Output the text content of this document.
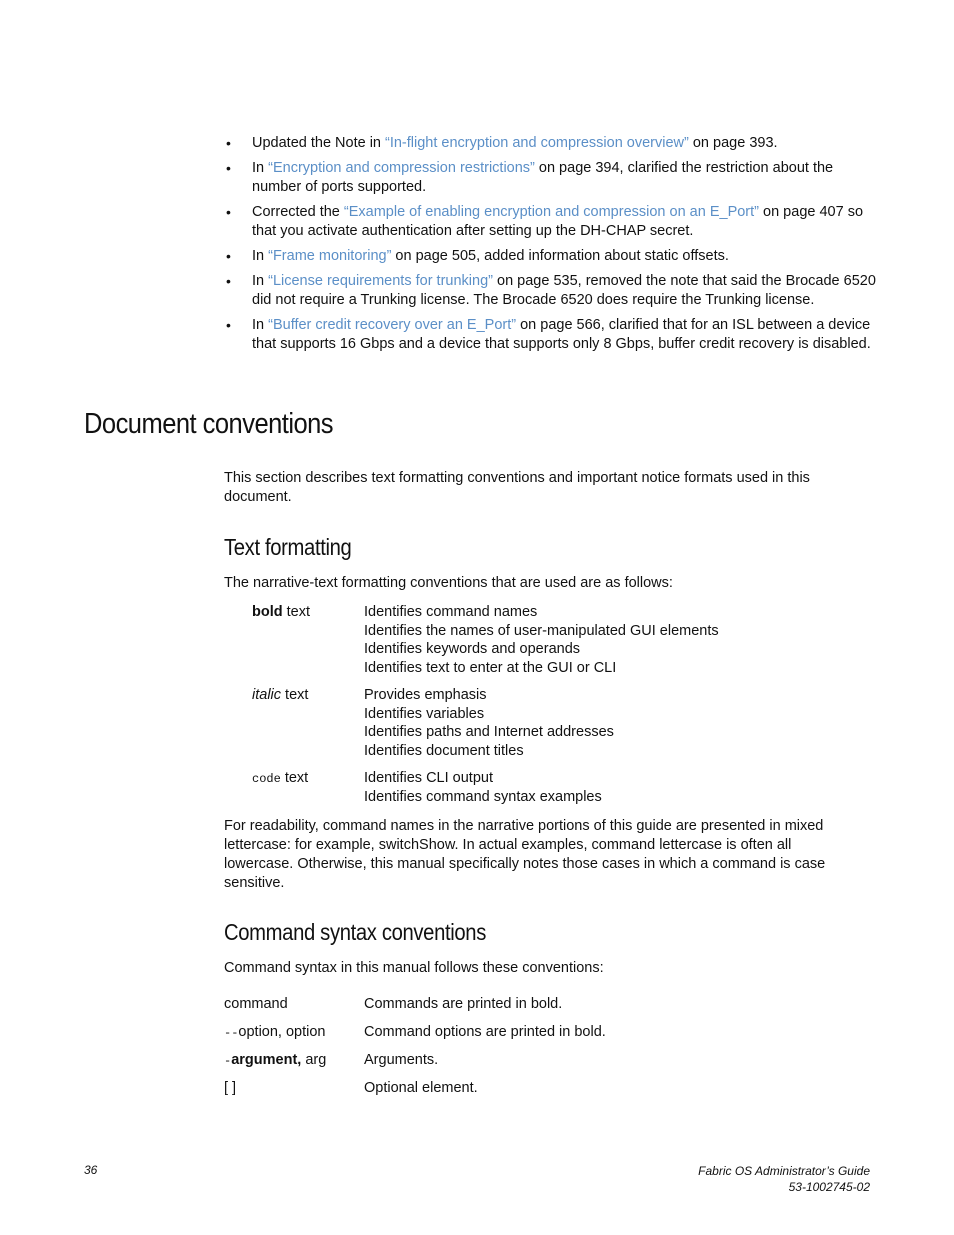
• Updated the Note in “In-flight encryption and compression overview” on page 393.
• In “Encryption and compression restrictions” on page 394, clarified the restriction about the number of ports supported.
• Corrected the “Example of enabling encryption and compression on an E_Port” on page 407 so that you activate authentication after setting up the DH-CHAP secret.
• In “Frame monitoring” on page 505, added information about static offsets.
• In “License requirements for trunking” on page 535, removed the note that said the Brocade 6520 did not require a Trunking license. The Brocade 6520 does require the Trunking license.
• In “Buffer credit recovery over an E_Port” on page 566, clarified that for an ISL between a device that supports 16 Gbps and a device that supports only 8 Gbps, buffer credit recovery is disabled.
Document conventions

This section describes text formatting conventions and important notice formats used in this document.

Text formatting

The narrative-text formatting conventions that are used are as follows:

bold text	Identifies command names
Identifies the names of user-manipulated GUI elements
Identifies keywords and operands
Identifies text to enter at the GUI or CLI
italic text	Provides emphasis
Identifies variables
Identifies paths and Internet addresses
Identifies document titles
code text	Identifies CLI output
Identifies command syntax examples

For readability, command names in the narrative portions of this guide are presented in mixed lettercase: for example, switchShow. In actual examples, command lettercase is often all lowercase. Otherwise, this manual specifically notes those cases in which a command is case sensitive.

Command syntax conventions

Command syntax in this manual follows these conventions:

command	Commands are printed in bold.
--option, option	Command options are printed in bold.
-argument, arg	Arguments.
[ ]	Optional element.
36	Fabric OS Administrator’s Guide
53-1002745-02
